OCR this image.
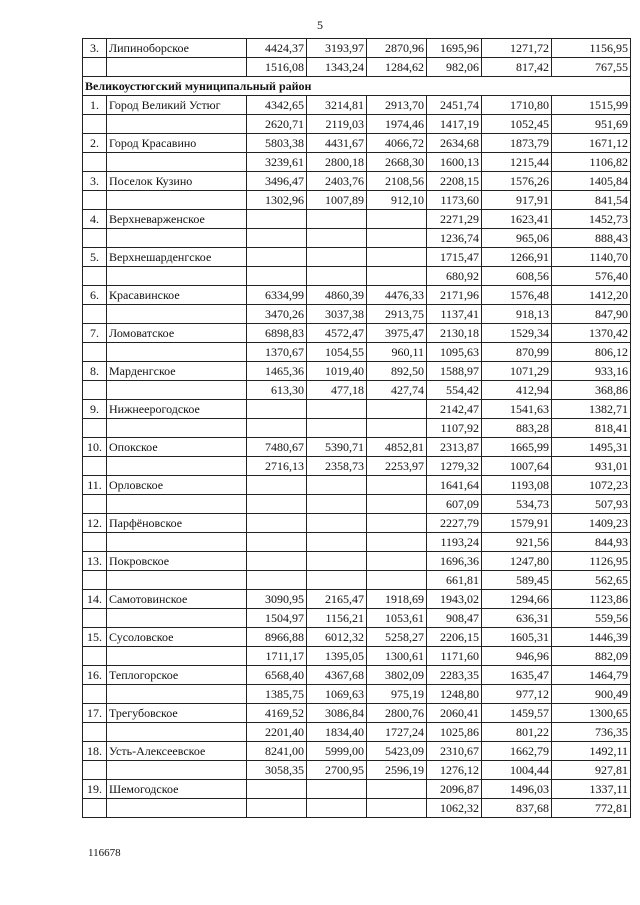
5
3.	Липиноборское	4424,37	3193,97	2870,96	1695,96	1271,72	1156,95
		1516,08	1343,24	1284,62	982,06	817,42	767,55
Великоустюгский муниципальный район							
1.	Город Великий Устюг	4342,65	3214,81	2913,70	2451,74	1710,80	1515,99
		2620,71	2119,03	1974,46	1417,19	1052,45	951,69
2.	Город Красавино	5803,38	4431,67	4066,72	2634,68	1873,79	1671,12
		3239,61	2800,18	2668,30	1600,13	1215,44	1106,82
3.	Поселок Кузино	3496,47	2403,76	2108,56	2208,15	1576,26	1405,84
		1302,96	1007,89	912,10	1173,60	917,91	841,54
4.	Верхневарженское				2271,29	1623,41	1452,73
					1236,74	965,06	888,43
5.	Верхнешарденгское				1715,47	1266,91	1140,70
					680,92	608,56	576,40
6.	Красавинское	6334,99	4860,39	4476,33	2171,96	1576,48	1412,20
		3470,26	3037,38	2913,75	1137,41	918,13	847,90
7.	Ломоватское	6898,83	4572,47	3975,47	2130,18	1529,34	1370,42
		1370,67	1054,55	960,11	1095,63	870,99	806,12
8.	Марденгское	1465,36	1019,40	892,50	1588,97	1071,29	933,16
		613,30	477,18	427,74	554,42	412,94	368,86
9.	Нижнеерогодское				2142,47	1541,63	1382,71
					1107,92	883,28	818,41
10.	Опокское	7480,67	5390,71	4852,81	2313,87	1665,99	1495,31
		2716,13	2358,73	2253,97	1279,32	1007,64	931,01
11.	Орловское				1641,64	1193,08	1072,23
					607,09	534,73	507,93
12.	Парфёновское				2227,79	1579,91	1409,23
					1193,24	921,56	844,93
13.	Покровское				1696,36	1247,80	1126,95
					661,81	589,45	562,65
14.	Самотовинское	3090,95	2165,47	1918,69	1943,02	1294,66	1123,86
		1504,97	1156,21	1053,61	908,47	636,31	559,56
15.	Сусоловское	8966,88	6012,32	5258,27	2206,15	1605,31	1446,39
		1711,17	1395,05	1300,61	1171,60	946,96	882,09
16.	Теплогорское	6568,40	4367,68	3802,09	2283,35	1635,47	1464,79
		1385,75	1069,63	975,19	1248,80	977,12	900,49
17.	Трегубовское	4169,52	3086,84	2800,76	2060,41	1459,57	1300,65
		2201,40	1834,40	1727,24	1025,86	801,22	736,35
18.	Усть-Алексеевское	8241,00	5999,00	5423,09	2310,67	1662,79	1492,11
		3058,35	2700,95	2596,19	1276,12	1004,44	927,81
19.	Шемогодское				2096,87	1496,03	1337,11
					1062,32	837,68	772,81
116678
